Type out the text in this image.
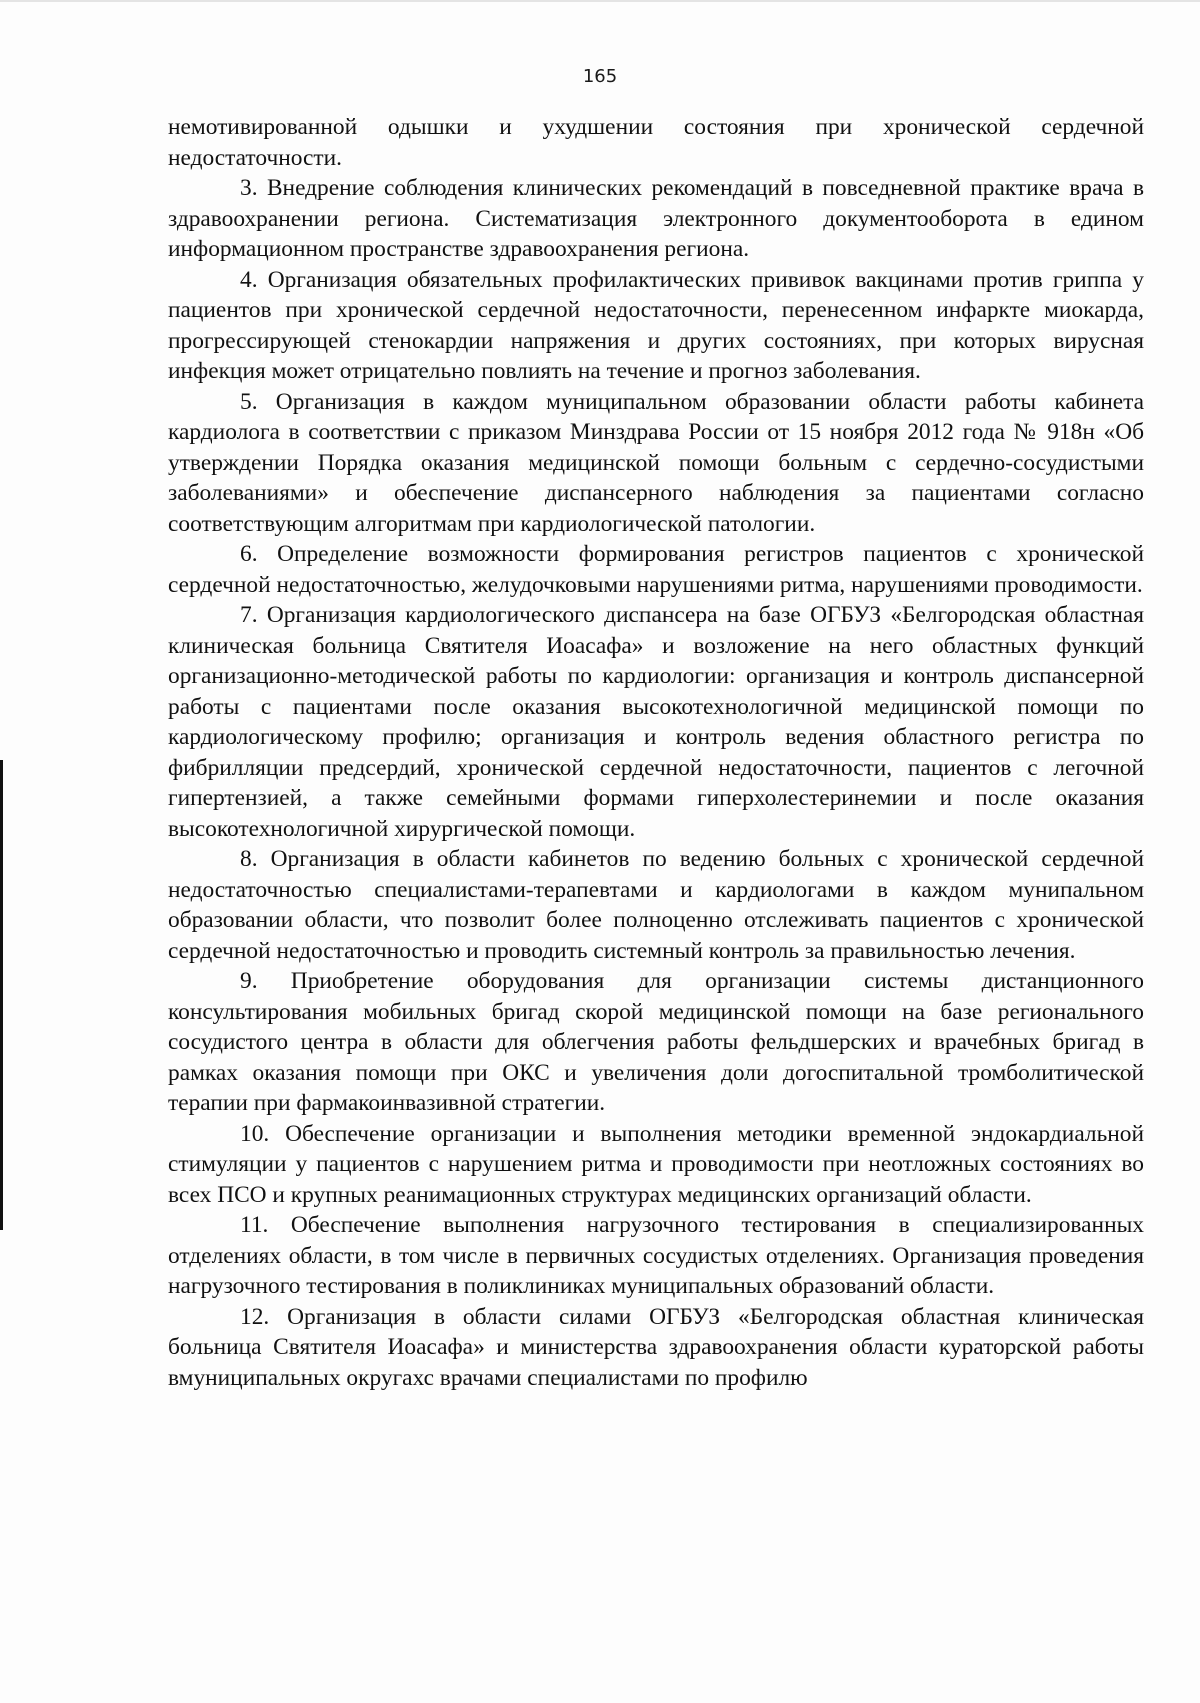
165

немотивированной одышки и ухудшении состояния при хронической сердечной недостаточности.

3. Внедрение соблюдения клинических рекомендаций в повседневной практике врача в здравоохранении региона. Систематизация электронного документооборота в едином информационном пространстве здравоохранения региона.

4. Организация обязательных профилактических прививок вакцинами против гриппа у пациентов при хронической сердечной недостаточности, перенесенном инфаркте миокарда, прогрессирующей стенокардии напряжения и других состояниях, при которых вирусная инфекция может отрицательно повлиять на течение и прогноз заболевания.

5. Организация в каждом муниципальном образовании области работы кабинета кардиолога в соответствии с приказом Минздрава России от 15 ноября 2012 года № 918н «Об утверждении Порядка оказания медицинской помощи больным с сердечно-сосудистыми заболеваниями» и обеспечение диспансерного наблюдения за пациентами согласно соответствующим алгоритмам при кардиологической патологии.

6. Определение возможности формирования регистров пациентов с хронической сердечной недостаточностью, желудочковыми нарушениями ритма, нарушениями проводимости.

7. Организация кардиологического диспансера на базе ОГБУЗ «Белгородская областная клиническая больница Святителя Иоасафа» и возложение на него областных функций организационно-методической работы по кардиологии: организация и контроль диспансерной работы с пациентами после оказания высокотехнологичной медицинской помощи по кардиологическому профилю; организация и контроль ведения областного регистра по фибрилляции предсердий, хронической сердечной недостаточности, пациентов с легочной гипертензией, а также семейными формами гиперхолестеринемии и после оказания высокотехнологичной хирургической помощи.

8. Организация в области кабинетов по ведению больных с хронической сердечной недостаточностью специалистами-терапевтами и кардиологами в каждом мунипальном образовании области, что позволит более полноценно отслеживать пациентов с хронической сердечной недостаточностью и проводить системный контроль за правильностью лечения.

9. Приобретение оборудования для организации системы дистанционного консультирования мобильных бригад скорой медицинской помощи на базе регионального сосудистого центра в области для облегчения работы фельдшерских и врачебных бригад в рамках оказания помощи при ОКС и увеличения доли догоспитальной тромболитической терапии при фармакоинвазивной стратегии.

10. Обеспечение организации и выполнения методики временной эндокардиальной стимуляции у пациентов с нарушением ритма и проводимости при неотложных состояниях во всех ПСО и крупных реанимационных структурах медицинских организаций области.

11. Обеспечение выполнения нагрузочного тестирования в специализированных отделениях области, в том числе в первичных сосудистых отделениях. Организация проведения нагрузочного тестирования в поликлиниках муниципальных образований области.

12. Организация в области силами ОГБУЗ «Белгородская областная клиническая больница Святителя Иоасафа» и министерства здравоохранения области кураторской работы вмуниципальных округахс врачами специалистами по профилю
